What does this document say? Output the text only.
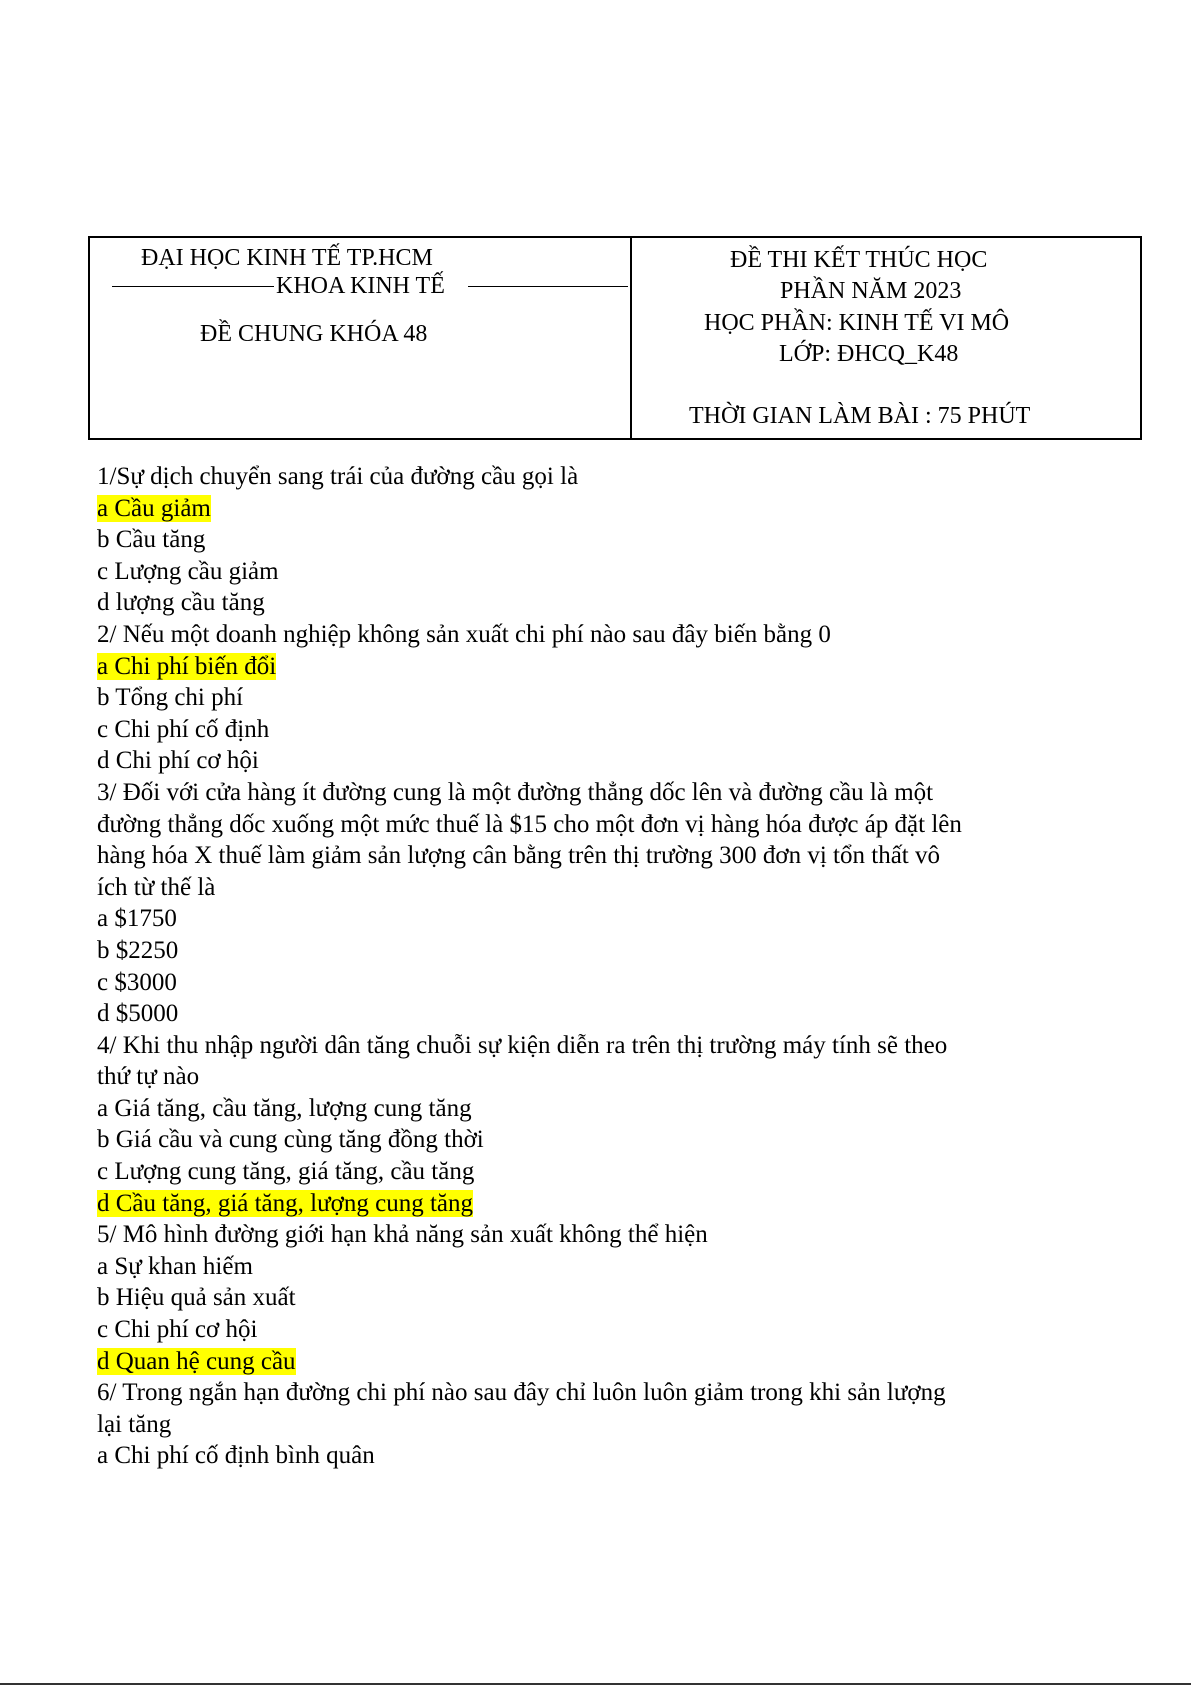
ĐẠI HỌC KINH TẾ TP.HCM
KHOA KINH TẾ
ĐỀ CHUNG KHÓA 48
ĐỀ THI KẾT THÚC HỌC
PHẦN NĂM 2023
HỌC PHẦN: KINH TẾ VI MÔ
LỚP: ĐHCQ_K48
THỜI GIAN LÀM BÀI : 75 PHÚT
1/Sự dịch chuyển sang trái của đường cầu gọi là
a Cầu giảm
b Cầu tăng
c Lượng cầu giảm
d lượng cầu tăng
2/ Nếu một doanh nghiệp không sản xuất chi phí nào sau đây biến bằng 0
a Chi phí biến đổi
b Tổng chi phí
c Chi phí cố định
d Chi phí cơ hội
3/ Đối với cửa hàng ít đường cung là một đường thẳng dốc lên và đường cầu là một
đường thẳng dốc xuống một mức thuế là $15 cho một đơn vị hàng hóa được áp đặt lên
hàng hóa X thuế làm giảm sản lượng cân bằng trên thị trường 300 đơn vị tổn thất vô
ích từ thế là
a $1750
b $2250
c $3000
d $5000
4/ Khi thu nhập người dân tăng chuỗi sự kiện diễn ra trên thị trường máy tính sẽ theo
thứ tự nào
a Giá tăng, cầu tăng, lượng cung tăng
b Giá cầu và cung cùng tăng đồng thời
c Lượng cung tăng, giá tăng, cầu tăng
d Cầu tăng, giá tăng, lượng cung tăng
5/ Mô hình đường giới hạn khả năng sản xuất không thể hiện
a Sự khan hiếm
b Hiệu quả sản xuất
c Chi phí cơ hội
d Quan hệ cung cầu
6/ Trong ngắn hạn đường chi phí nào sau đây chỉ luôn luôn giảm trong khi sản lượng
lại tăng
a Chi phí cố định bình quân
